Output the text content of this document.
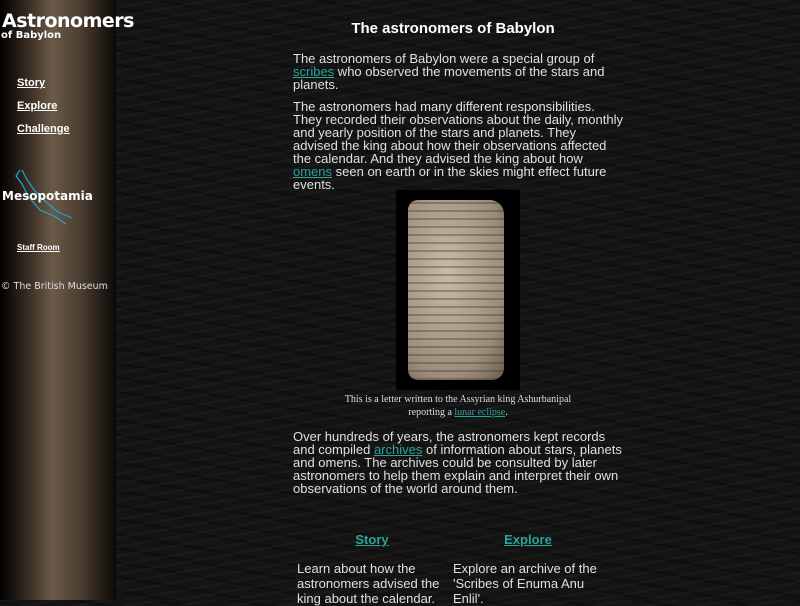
Astronomers
of Babylon
Story
Explore
Challenge
Mesopotamia
Staff Room
© The British Museum
The astronomers of Babylon

The astronomers of Babylon were a special group of scribes who observed the movements of the stars and planets.

The astronomers had many different responsibilities. They recorded their observations about the daily, monthly and yearly position of the stars and planets. They advised the king about how their observations affected the calendar. And they advised the king about how omens seen on earth or in the skies might effect future events.

This is a letter written to the Assyrian king Ashurbanipal reporting a lunar eclipse.

Over hundreds of years, the astronomers kept records and compiled archives of information about stars, planets and omens. The archives could be consulted by later astronomers to help them explain and interpret their own observations of the world around them.

Story
Learn about how the astronomers advised the king about the calendar.
Explore
Explore an archive of the 'Scribes of Enuma Anu Enlil'.
